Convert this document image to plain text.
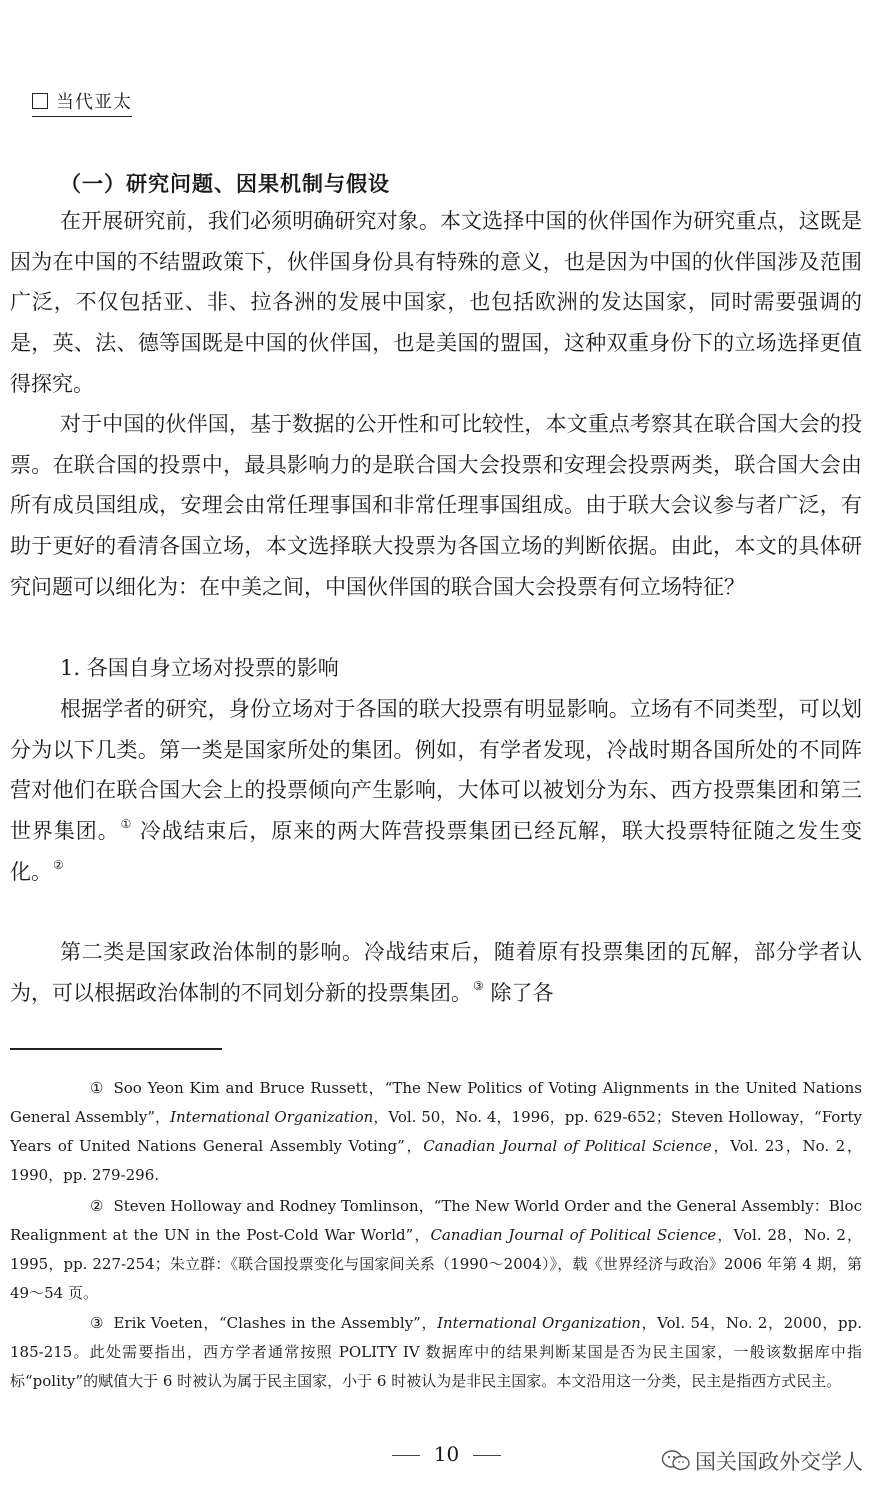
当代亚太
（一）研究问题、因果机制与假设

在开展研究前，我们必须明确研究对象。本文选择中国的伙伴国作为研究重点，这既是因为在中国的不结盟政策下，伙伴国身份具有特殊的意义，也是因为中国的伙伴国涉及范围广泛，不仅包括亚、非、拉各洲的发展中国家，也包括欧洲的发达国家，同时需要强调的是，英、法、德等国既是中国的伙伴国，也是美国的盟国，这种双重身份下的立场选择更值得探究。

对于中国的伙伴国，基于数据的公开性和可比较性，本文重点考察其在联合国大会的投票。在联合国的投票中，最具影响力的是联合国大会投票和安理会投票两类，联合国大会由所有成员国组成，安理会由常任理事国和非常任理事国组成。由于联大会议参与者广泛，有助于更好的看清各国立场，本文选择联大投票为各国立场的判断依据。由此，本文的具体研究问题可以细化为：在中美之间，中国伙伴国的联合国大会投票有何立场特征？

1. 各国自身立场对投票的影响

根据学者的研究，身份立场对于各国的联大投票有明显影响。立场有不同类型，可以划分为以下几类。第一类是国家所处的集团。例如，有学者发现，冷战时期各国所处的不同阵营对他们在联合国大会上的投票倾向产生影响，大体可以被划分为东、西方投票集团和第三世界集团。① 冷战结束后，原来的两大阵营投票集团已经瓦解，联大投票特征随之发生变化。②

第二类是国家政治体制的影响。冷战结束后，随着原有投票集团的瓦解，部分学者认为，可以根据政治体制的不同划分新的投票集团。③ 除了各

① Soo Yeon Kim and Bruce Russett，“The New Politics of Voting Alignments in the United Nations General Assembly”，International Organization，Vol. 50，No. 4，1996，pp. 629-652；Steven Holloway，“Forty Years of United Nations General Assembly Voting”，Canadian Journal of Political Science，Vol. 23，No. 2，1990，pp. 279-296.

② Steven Holloway and Rodney Tomlinson，“The New World Order and the General Assembly：Bloc Realignment at the UN in the Post-Cold War World”，Canadian Journal of Political Science，Vol. 28，No. 2，1995，pp. 227-254；朱立群：《联合国投票变化与国家间关系（1990～2004）》，载《世界经济与政治》2006 年第 4 期，第 49～54 页。

③ Erik Voeten，“Clashes in the Assembly”，International Organization，Vol. 54，No. 2，2000，pp. 185-215。此处需要指出，西方学者通常按照 POLITY IV 数据库中的结果判断某国是否为民主国家，一般该数据库中指标“polity”的赋值大于 6 时被认为属于民主国家，小于 6 时被认为是非民主国家。本文沿用这一分类，民主是指西方式民主。

10	国关国政外交学人
